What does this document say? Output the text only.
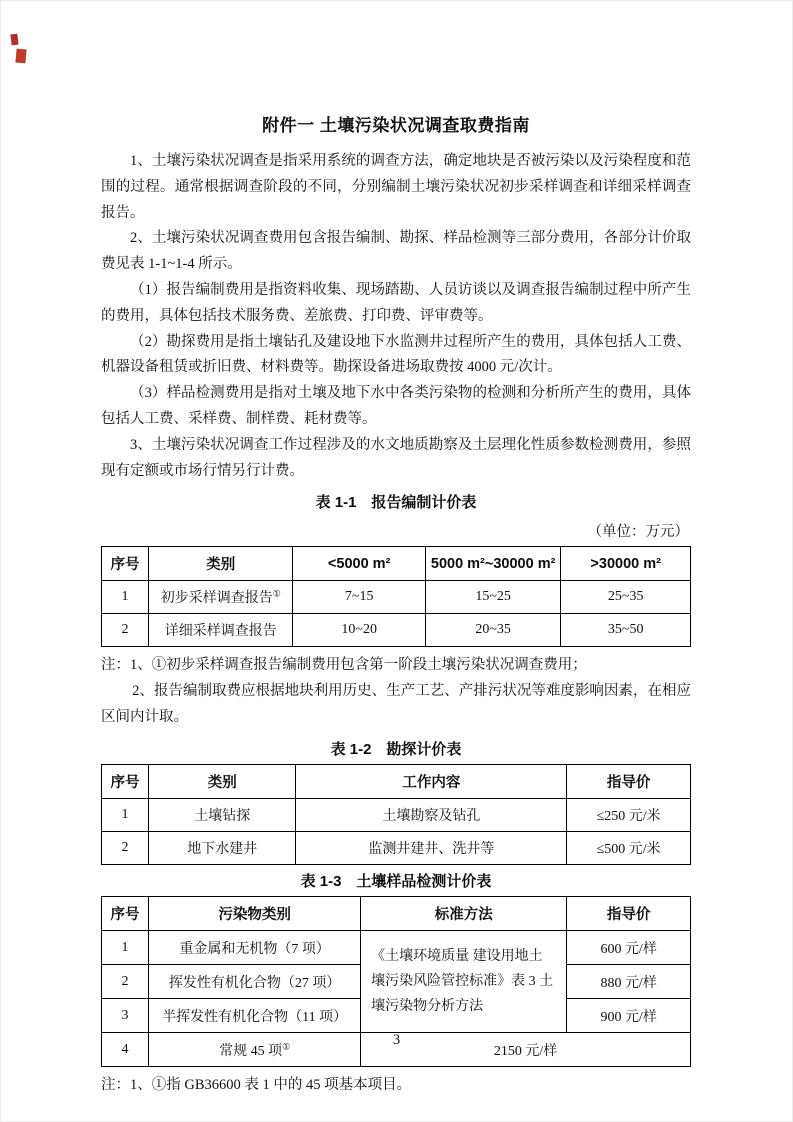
附件一 土壤污染状况调查取费指南

1、土壤污染状况调查是指采用系统的调查方法，确定地块是否被污染以及污染程度和范围的过程。通常根据调查阶段的不同，分别编制土壤污染状况初步采样调查和详细采样调查报告。

2、土壤污染状况调查费用包含报告编制、勘探、样品检测等三部分费用，各部分计价取费见表 1-1~1-4 所示。

（1）报告编制费用是指资料收集、现场踏勘、人员访谈以及调查报告编制过程中所产生的费用，具体包括技术服务费、差旅费、打印费、评审费等。

（2）勘探费用是指土壤钻孔及建设地下水监测井过程所产生的费用，具体包括人工费、机器设备租赁或折旧费、材料费等。勘探设备进场取费按 4000 元/次计。

（3）样品检测费用是指对土壤及地下水中各类污染物的检测和分析所产生的费用，具体包括人工费、采样费、制样费、耗材费等。

3、土壤污染状况调查工作过程涉及的水文地质勘察及土层理化性质参数检测费用，参照现有定额或市场行情另行计费。

表 1-1　报告编制计价表
（单位：万元）
序号	类别	<5000 m²	5000 m²~30000 m²	>30000 m²
1	初步采样调查报告①	7~15	15~25	25~35
2	详细采样调查报告	10~20	20~35	35~50
注：1、①初步采样调查报告编制费用包含第一阶段土壤污染状况调查费用；
2、报告编制取费应根据地块利用历史、生产工艺、产排污状况等难度影响因素，在相应区间内计取。
表 1-2　勘探计价表
序号	类别	工作内容	指导价
1	土壤钻探	土壤勘察及钻孔	≤250 元/米
2	地下水建井	监测井建井、洗井等	≤500 元/米
表 1-3　土壤样品检测计价表
序号	污染物类别	标准方法	指导价
1	重金属和无机物（7 项）	《土壤环境质量 建设用地土壤污染风险管控标准》表 3 土壤污染物分析方法	600 元/样
2	挥发性有机化合物（27 项）		880 元/样
3	半挥发性有机化合物（11 项）		900 元/样
4	常规 45 项①	2150 元/样	
注：1、①指 GB36600 表 1 中的 45 项基本项目。
3
